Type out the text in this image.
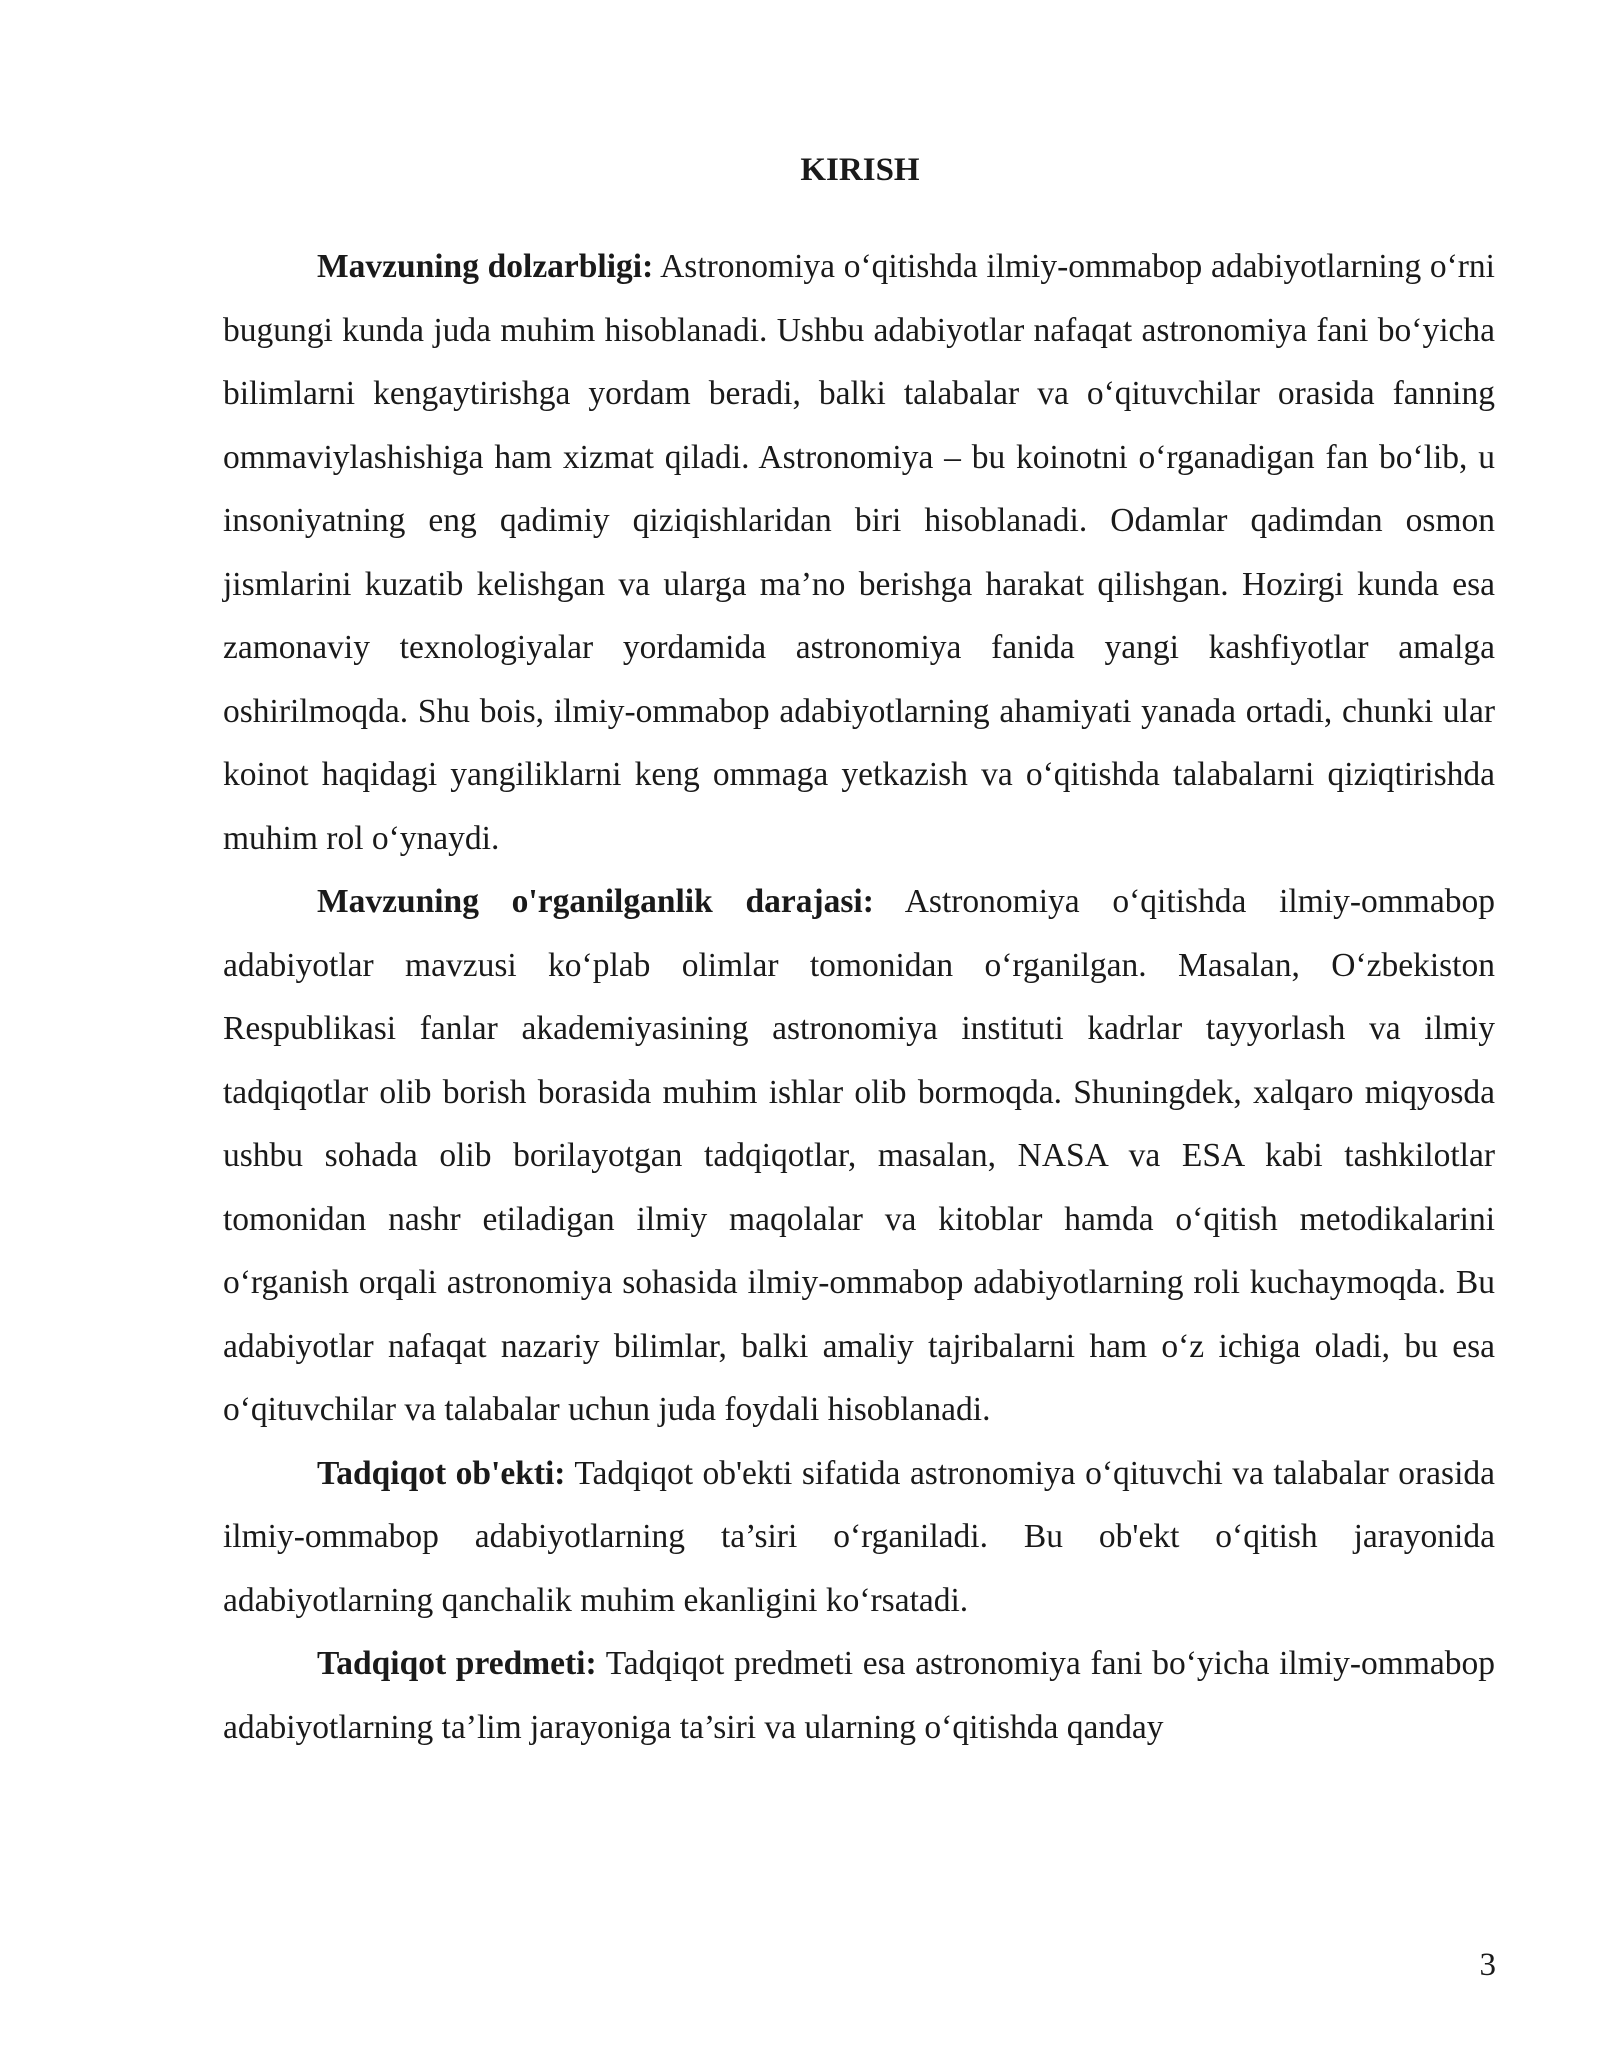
KIRISH

Mavzuning dolzarbligi: Astronomiya o‘qitishda ilmiy-ommabop adabiyotlarning o‘rni bugungi kunda juda muhim hisoblanadi. Ushbu adabiyotlar nafaqat astronomiya fani bo‘yicha bilimlarni kengaytirishga yordam beradi, balki talabalar va o‘qituvchilar orasida fanning ommaviylashishiga ham xizmat qiladi. Astronomiya – bu koinotni o‘rganadigan fan bo‘lib, u insoniyatning eng qadimiy qiziqishlaridan biri hisoblanadi. Odamlar qadimdan osmon jismlarini kuzatib kelishgan va ularga ma’no berishga harakat qilishgan. Hozirgi kunda esa zamonaviy texnologiyalar yordamida astronomiya fanida yangi kashfiyotlar amalga oshirilmoqda. Shu bois, ilmiy-ommabop adabiyotlarning ahamiyati yanada ortadi, chunki ular koinot haqidagi yangiliklarni keng ommaga yetkazish va o‘qitishda talabalarni qiziqtirishda muhim rol o‘ynaydi.

Mavzuning o'rganilganlik darajasi: Astronomiya o‘qitishda ilmiy-ommabop adabiyotlar mavzusi ko‘plab olimlar tomonidan o‘rganilgan. Masalan, O‘zbekiston Respublikasi fanlar akademiyasining astronomiya instituti kadrlar tayyorlash va ilmiy tadqiqotlar olib borish borasida muhim ishlar olib bormoqda. Shuningdek, xalqaro miqyosda ushbu sohada olib borilayotgan tadqiqotlar, masalan, NASA va ESA kabi tashkilotlar tomonidan nashr etiladigan ilmiy maqolalar va kitoblar hamda o‘qitish metodikalarini o‘rganish orqali astronomiya sohasida ilmiy-ommabop adabiyotlarning roli kuchaymoqda. Bu adabiyotlar nafaqat nazariy bilimlar, balki amaliy tajribalarni ham o‘z ichiga oladi, bu esa o‘qituvchilar va talabalar uchun juda foydali hisoblanadi.

Tadqiqot ob'ekti: Tadqiqot ob'ekti sifatida astronomiya o‘qituvchi va talabalar orasida ilmiy-ommabop adabiyotlarning ta’siri o‘rganiladi. Bu ob'ekt o‘qitish jarayonida adabiyotlarning qanchalik muhim ekanligini ko‘rsatadi.

Tadqiqot predmeti: Tadqiqot predmeti esa astronomiya fani bo‘yicha ilmiy-ommabop adabiyotlarning ta’lim jarayoniga ta’siri va ularning o‘qitishda qanday

3
